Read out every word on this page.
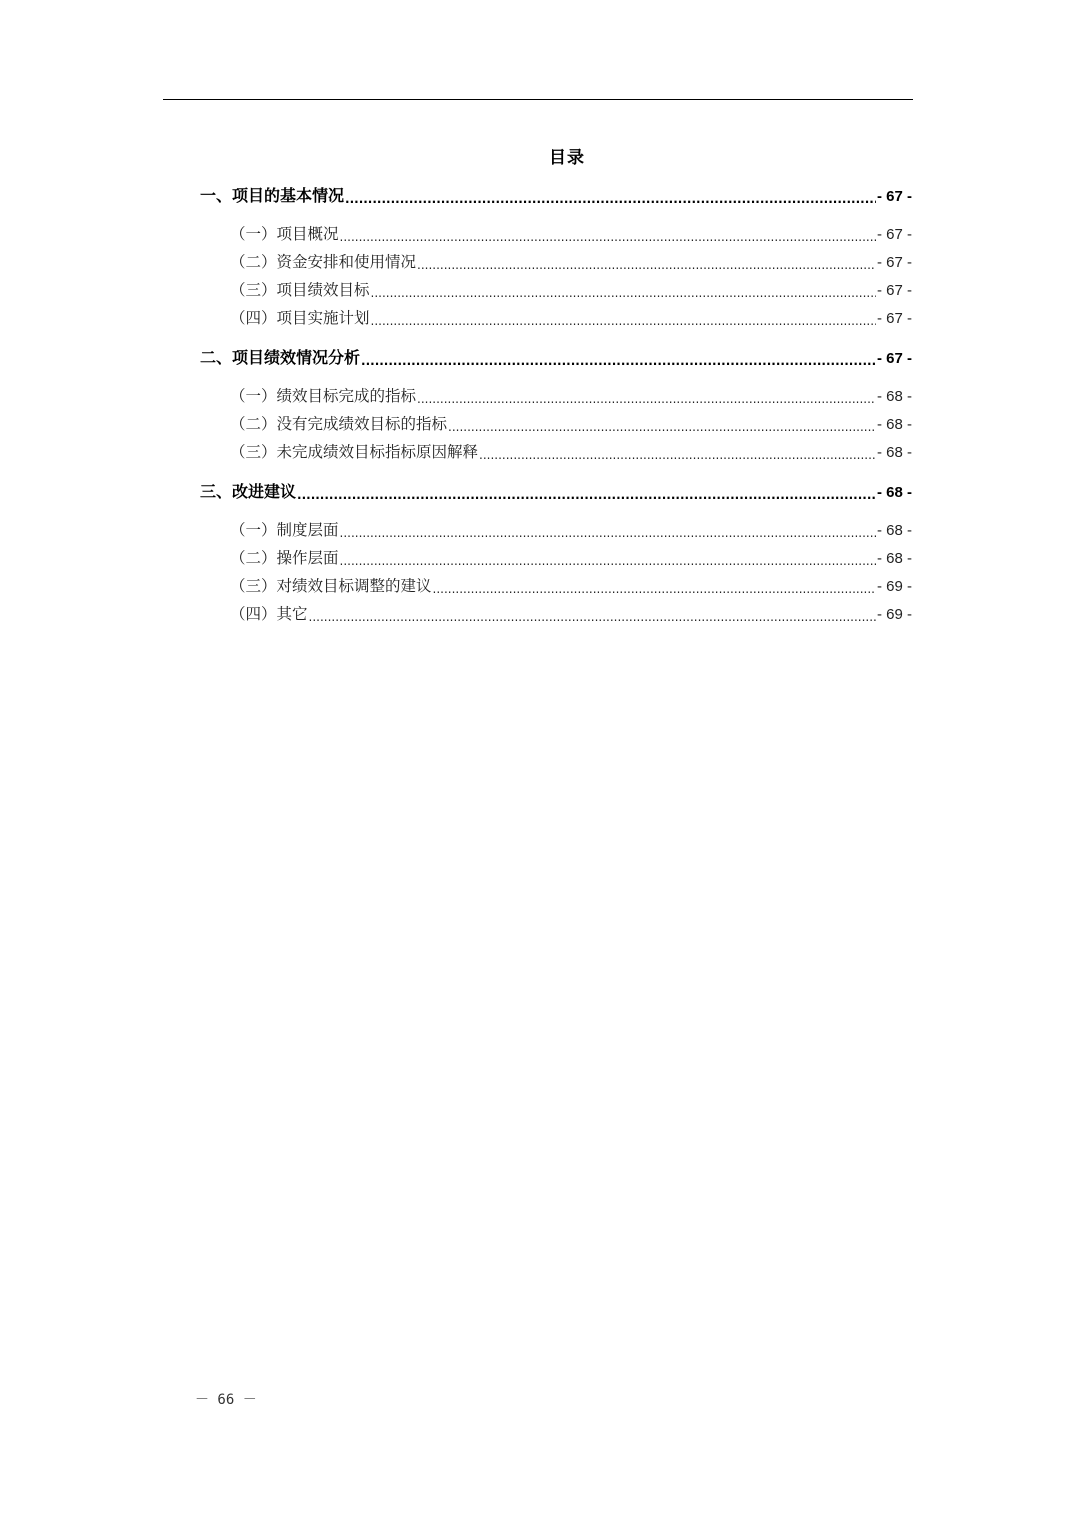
目录
一、项目的基本情况 .....	- 67 -
（一）项目概况 .....	- 67 -
（二）资金安排和使用情况 .....	- 67 -
（三）项目绩效目标 .....	- 67 -
（四）项目实施计划 .....	- 67 -
二、项目绩效情况分析 .....	- 67 -
（一）绩效目标完成的指标 .....	- 68 -
（二）没有完成绩效目标的指标 .....	- 68 -
（三）未完成绩效目标指标原因解释 .....	- 68 -
三、改进建议 .....	- 68 -
（一）制度层面 .....	- 68 -
（二）操作层面 .....	- 68 -
（三）对绩效目标调整的建议 .....	- 69 -
（四）其它 .....	- 69 -
－ 66 －
